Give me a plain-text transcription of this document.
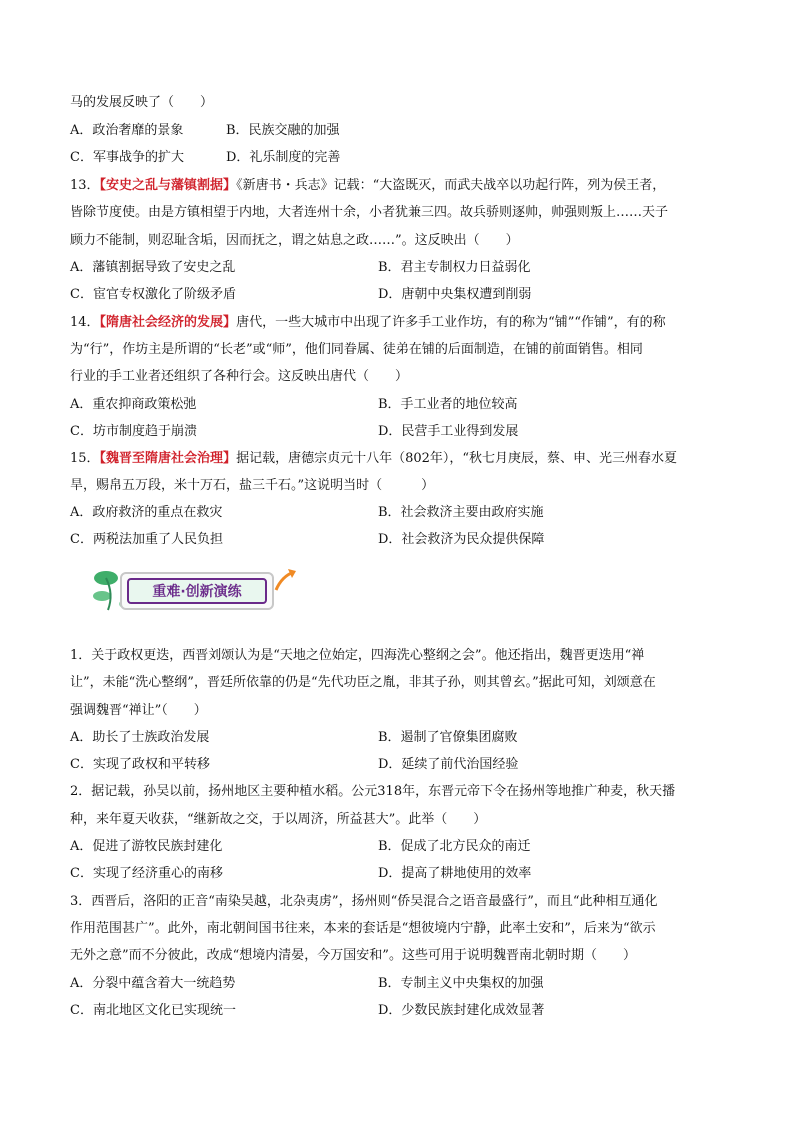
马的发展反映了（　　）
A．政治奢靡的景象	B．民族交融的加强
C．军事战争的扩大	D．礼乐制度的完善
13．【安史之乱与藩镇割据】《新唐书・兵志》记载：“大盗既灭，而武夫战卒以功起行阵，列为侯王者，
皆除节度使。由是方镇相望于内地，大者连州十余，小者犹兼三四。故兵骄则逐帅，帅强则叛上……天子
顾力不能制，则忍耻含垢，因而抚之，谓之姑息之政……”。这反映出（　　）
A．藩镇割据导致了安史之乱	B．君主专制权力日益弱化
C．宦官专权激化了阶级矛盾	D．唐朝中央集权遭到削弱
14．【隋唐社会经济的发展】唐代，一些大城市中出现了许多手工业作坊，有的称为“铺”“作铺”，有的称
为“行”，作坊主是所谓的“长老”或“师”，他们同眷属、徒弟在铺的后面制造，在铺的前面销售。相同
行业的手工业者还组织了各种行会。这反映出唐代（　　）
A．重农抑商政策松弛	B．手工业者的地位较高
C．坊市制度趋于崩溃	D．民营手工业得到发展
15．【魏晋至隋唐社会治理】据记载，唐德宗贞元十八年（802年），“秋七月庚辰，蔡、申、光三州春水夏
旱，赐帛五万段，米十万石，盐三千石。”这说明当时（　　　）
A．政府救济的重点在救灾	B．社会救济主要由政府实施
C．两税法加重了人民负担	D．社会救济为民众提供保障
重难·创新演练
1．关于政权更迭，西晋刘颂认为是“天地之位始定，四海洗心整纲之会”。他还指出，魏晋更迭用“禅
让”，未能“洗心整纲”，晋廷所依靠的仍是“先代功臣之胤，非其子孙，则其曾玄。”据此可知，刘颂意在
强调魏晋“禅让”（　　）
A．助长了士族政治发展	B．遏制了官僚集团腐败
C．实现了政权和平转移	D．延续了前代治国经验
2．据记载，孙吴以前，扬州地区主要种植水稻。公元318年，东晋元帝下令在扬州等地推广种麦，秋天播
种，来年夏天收获，“继新故之交，于以周济，所益甚大”。此举（　　）
A．促进了游牧民族封建化	B．促成了北方民众的南迁
C．实现了经济重心的南移	D．提高了耕地使用的效率
3．西晋后，洛阳的正音“南染吴越，北杂夷虏”，扬州则“侨吴混合之语音最盛行”，而且“此种相互通化
作用范围甚广”。此外，南北朝间国书往来，本来的套话是“想彼境内宁静，此率土安和”，后来为“欲示
无外之意”而不分彼此，改成“想境内清晏，今万国安和”。这些可用于说明魏晋南北朝时期（　　）
A．分裂中蕴含着大一统趋势	B．专制主义中央集权的加强
C．南北地区文化已实现统一	D．少数民族封建化成效显著
